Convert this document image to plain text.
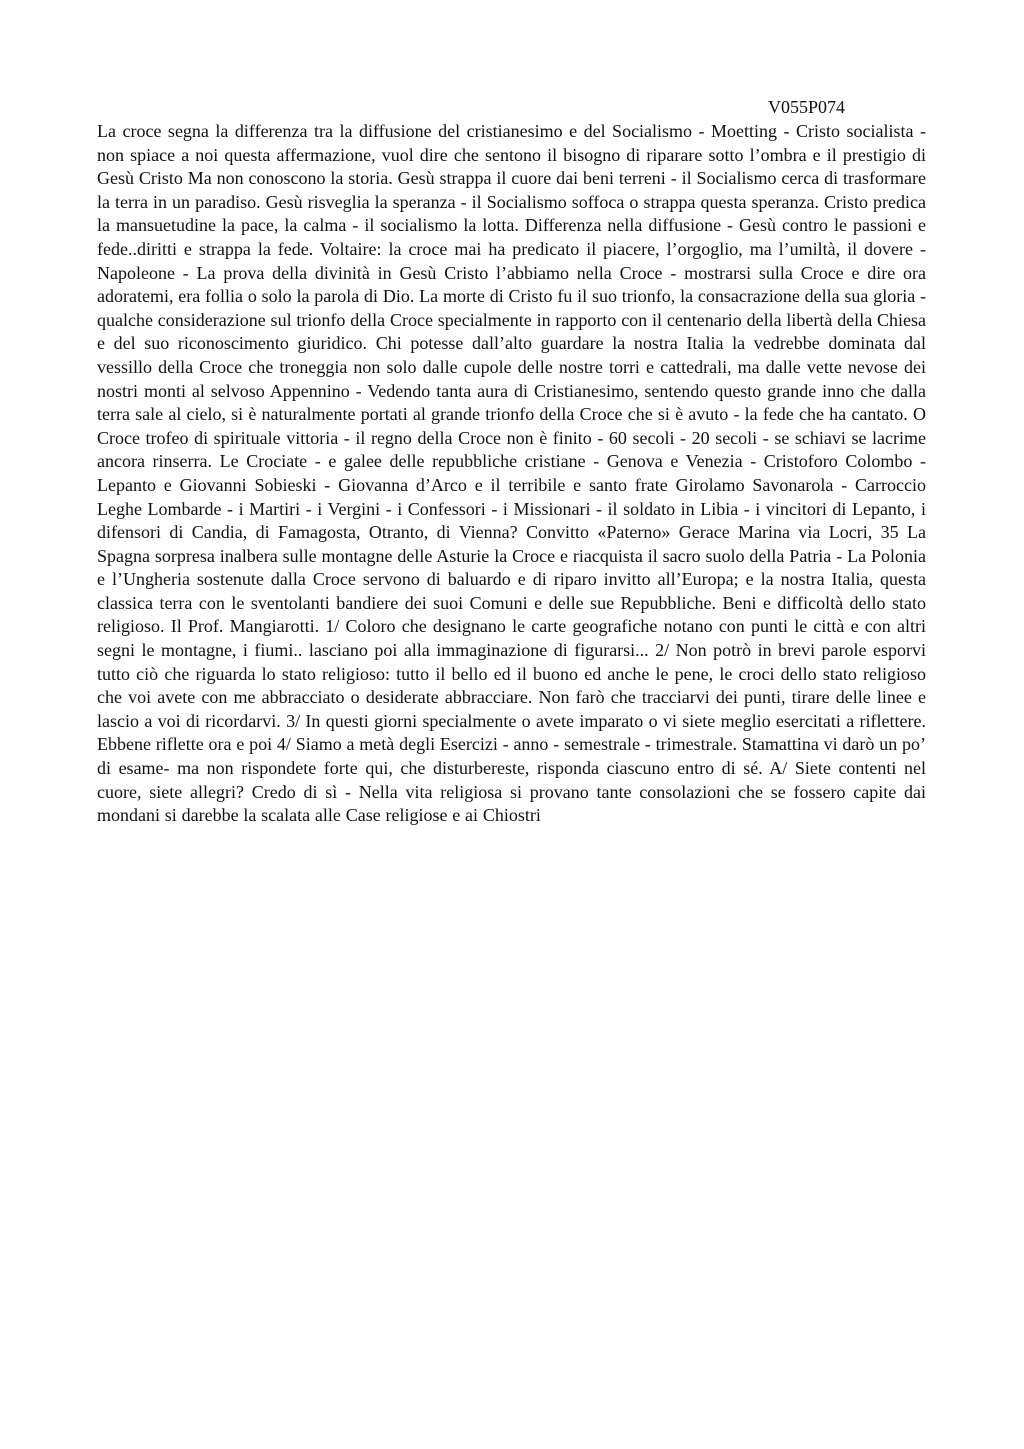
V055P074

La croce segna la differenza tra la diffusione del cristianesimo e del Socialismo - Moetting - Cristo socialista - non spiace a noi questa affermazione, vuol dire che sentono il bisogno di riparare sotto l’ombra e il prestigio di Gesù Cristo Ma non conoscono la storia. Gesù strappa il cuore dai beni terreni - il Socialismo cerca di trasformare la terra in un paradiso. Gesù risveglia la speranza - il Socialismo soffoca o strappa questa speranza. Cristo predica la mansuetudine la pace, la calma - il socialismo la lotta. Differenza nella diffusione - Gesù contro le passioni e fede..diritti e strappa la fede. Voltaire: la croce mai ha predicato il piacere, l’orgoglio, ma l’umiltà, il dovere - Napoleone - La prova della divinità in Gesù Cristo l’abbiamo nella Croce - mostrarsi sulla Croce e dire ora adoratemi, era follia o solo la parola di Dio. La morte di Cristo fu il suo trionfo, la consacrazione della sua gloria - qualche considerazione sul trionfo della Croce specialmente in rapporto con il centenario della libertà della Chiesa e del suo riconoscimento giuridico. Chi potesse dall’alto guardare la nostra Italia la vedrebbe dominata dal vessillo della Croce che troneggia non solo dalle cupole delle nostre torri e cattedrali, ma dalle vette nevose dei nostri monti al selvoso Appennino - Vedendo tanta aura di Cristianesimo, sentendo questo grande inno che dalla terra sale al cielo, si è naturalmente portati al grande trionfo della Croce che si è avuto - la fede che ha cantato. O Croce trofeo di spirituale vittoria - il regno della Croce non è finito - 60 secoli - 20 secoli - se schiavi se lacrime ancora rinserra. Le Crociate - e galee delle repubbliche cristiane - Genova e Venezia - Cristoforo Colombo - Lepanto e Giovanni Sobieski - Giovanna d’Arco e il terribile e santo frate Girolamo Savonarola - Carroccio Leghe Lombarde - i Martiri - i Vergini - i Confessori - i Missionari - il soldato in Libia - i vincitori di Lepanto, i difensori di Candia, di Famagosta, Otranto, di Vienna? Convitto «Paterno» Gerace Marina via Locri, 35 La Spagna sorpresa inalbera sulle montagne delle Asturie la Croce e riacquista il sacro suolo della Patria - La Polonia e l’Ungheria sostenute dalla Croce servono di baluardo e di riparo invitto all’Europa; e la nostra Italia, questa classica terra con le sventolanti bandiere dei suoi Comuni e delle sue Repubbliche. Beni e difficoltà dello stato religioso. Il Prof. Mangiarotti. 1/ Coloro che designano le carte geografiche notano con punti le città e con altri segni le montagne, i fiumi.. lasciano poi alla immaginazione di figurarsi... 2/ Non potrò in brevi parole esporvi tutto ciò che riguarda lo stato religioso: tutto il bello ed il buono ed anche le pene, le croci dello stato religioso che voi avete con me abbracciato o desiderate abbracciare. Non farò che tracciarvi dei punti, tirare delle linee e lascio a voi di ricordarvi. 3/ In questi giorni specialmente o avete imparato o vi siete meglio esercitati a riflettere. Ebbene riflette ora e poi 4/ Siamo a metà degli Esercizi - anno - semestrale - trimestrale. Stamattina vi darò un po’ di esame- ma non rispondete forte qui, che disturbereste, risponda ciascuno entro di sé. A/ Siete contenti nel cuore, siete allegri? Credo di sì - Nella vita religiosa si provano tante consolazioni che se fossero capite dai mondani si darebbe la scalata alle Case religiose e ai Chiostri
